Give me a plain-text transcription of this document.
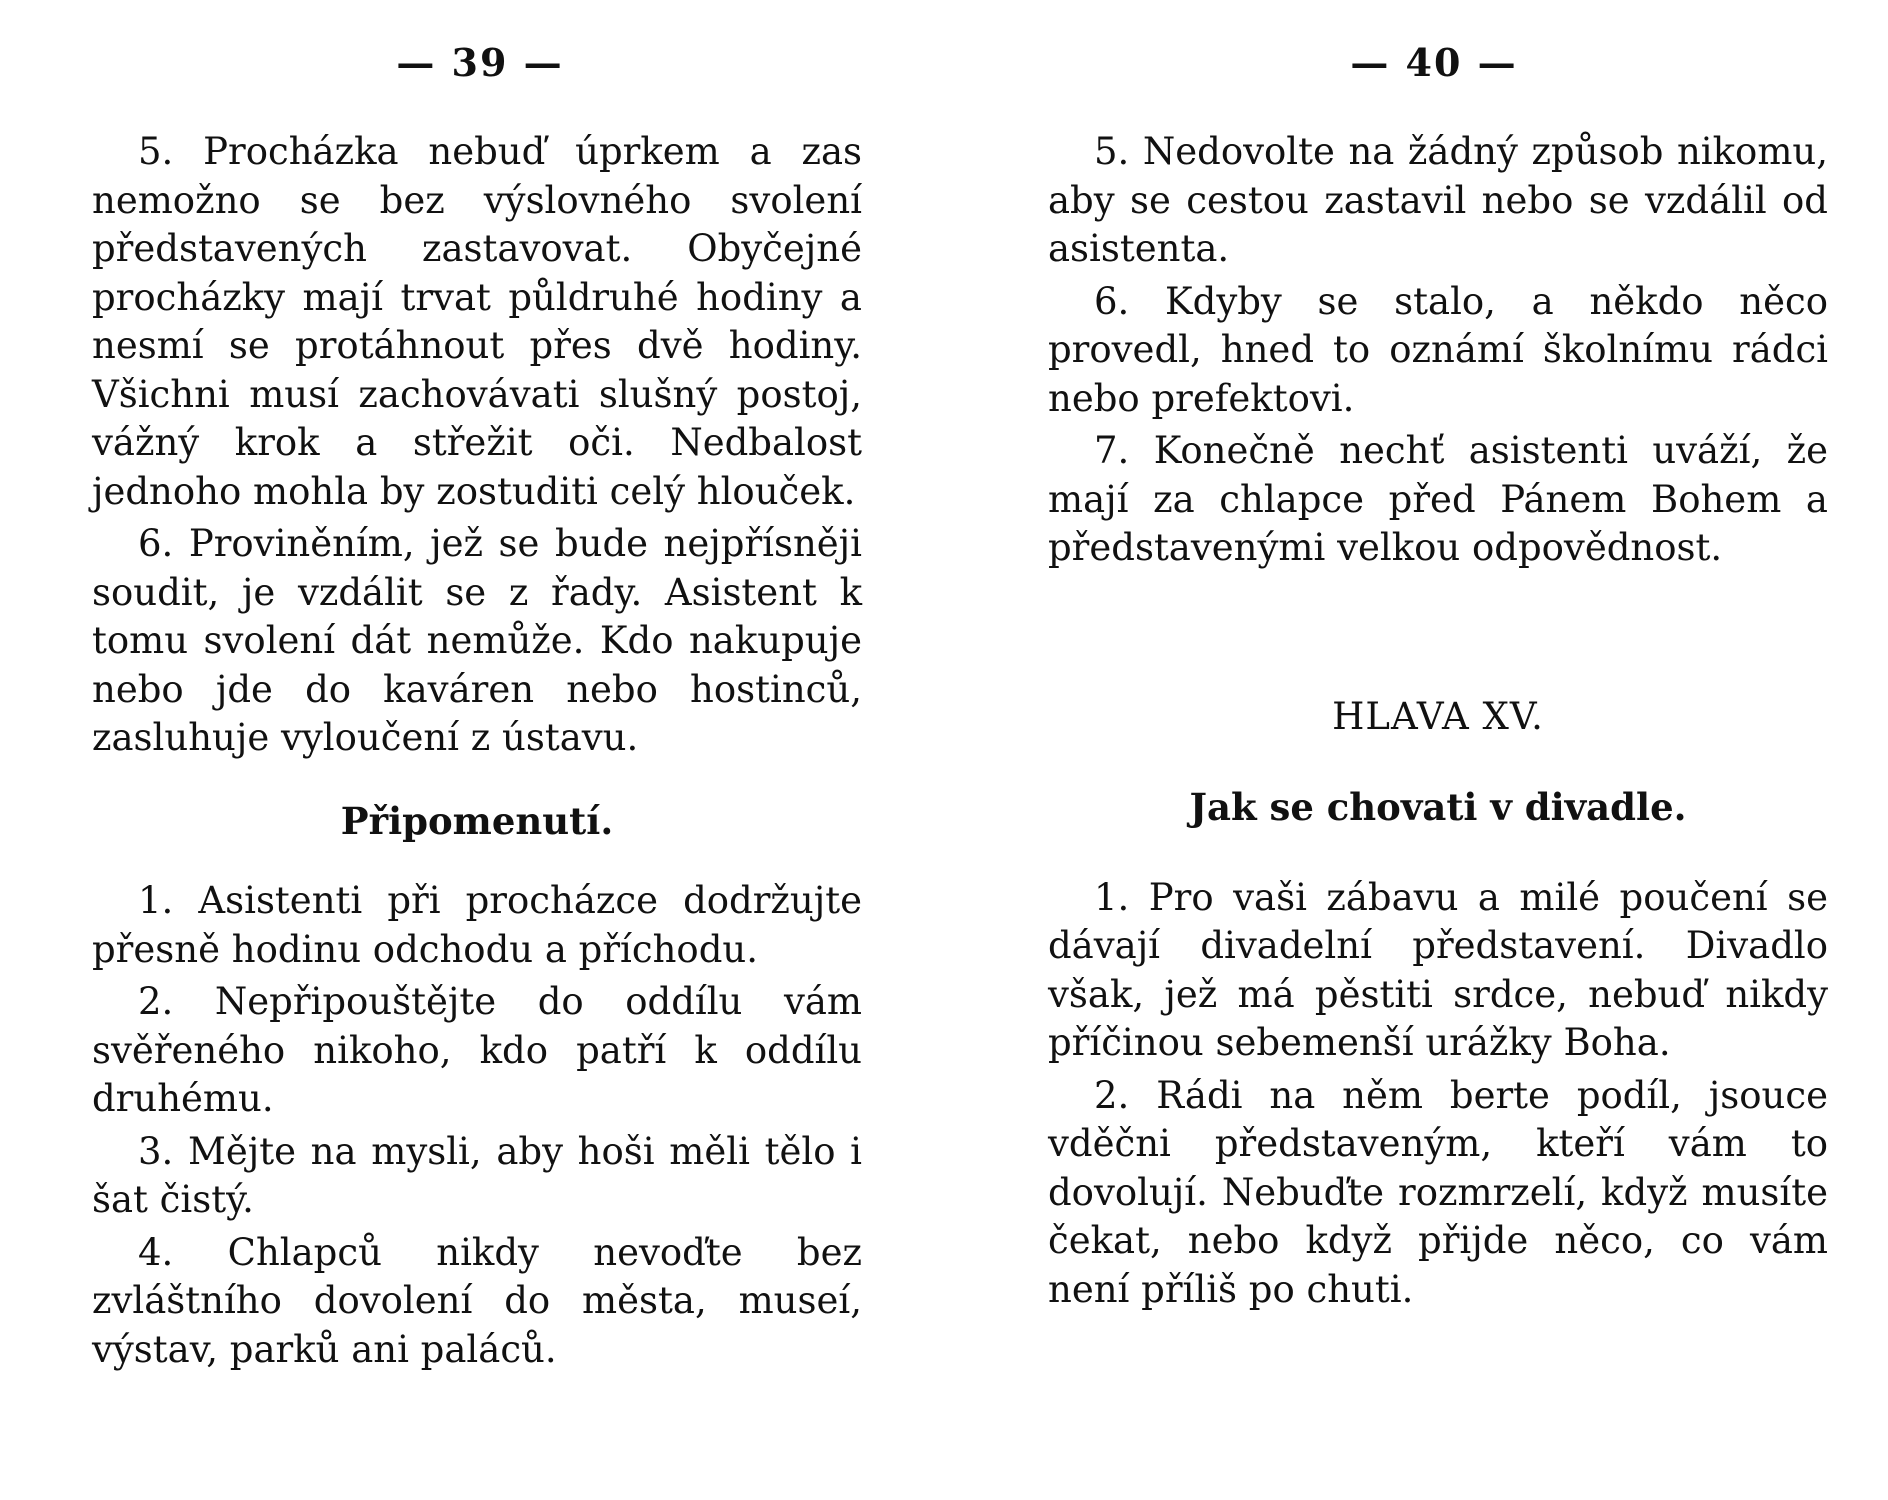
— 39 —

5. Procházka nebuď úprkem a zas nemožno se bez výslovného svolení představených zastavovat. Obyčejné procházky mají trvat půldruhé hodiny a nesmí se protáhnout přes dvě hodiny. Všichni musí zachovávati slušný postoj, vážný krok a střežit oči. Nedbalost jednoho mohla by zostuditi celý hlouček.

6. Proviněním, jež se bude nejpřísněji soudit, je vzdálit se z řady. Asistent k tomu svolení dát nemůže. Kdo nakupuje nebo jde do kaváren nebo hostinců, zasluhuje vyloučení z ústavu.

Připomenutí.

1. Asistenti při procházce dodržujte přesně hodinu odchodu a příchodu.

2. Nepřipouštějte do oddílu vám svěřeného nikoho, kdo patří k oddílu druhému.

3. Mějte na mysli, aby hoši měli tělo i šat čistý.

4. Chlapců nikdy nevoďte bez zvláštního dovolení do města, museí, výstav, parků ani paláců.

— 40 —

5. Nedovolte na žádný způsob nikomu, aby se cestou zastavil nebo se vzdálil od asistenta.

6. Kdyby se stalo, a někdo něco provedl, hned to oznámí školnímu rádci nebo prefektovi.

7. Konečně nechť asistenti uváží, že mají za chlapce před Pánem Bohem a představenými velkou odpovědnost.

HLAVA XV.
Jak se chovati v divadle.

1. Pro vaši zábavu a milé poučení se dávají divadelní představení. Divadlo však, jež má pěstiti srdce, nebuď nikdy příčinou sebemenší urážky Boha.

2. Rádi na něm berte podíl, jsouce vděčni představeným, kteří vám to dovolují. Nebuďte rozmrzelí, když musíte čekat, nebo když přijde něco, co vám není příliš po chuti.
